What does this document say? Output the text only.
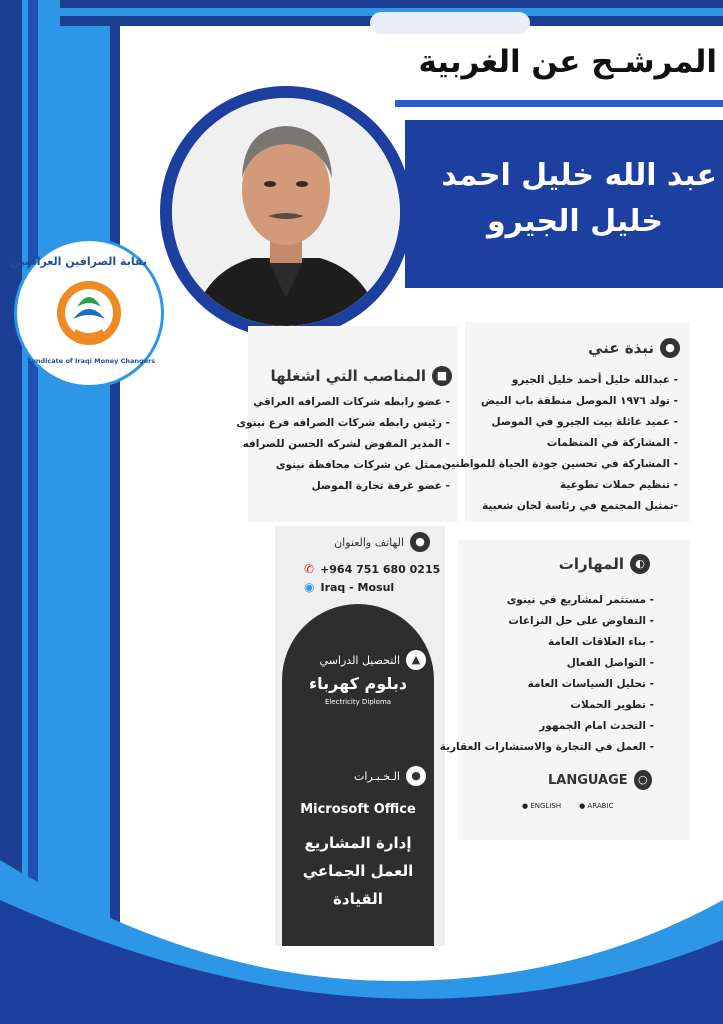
المرشـح عن الغربية
عبد الله خليل احمد
خليل الجيرو
نقابة الصرافين العراقيين
Syndicate of Iraqi Money Changers
●
نبذة عني
- عبدالله خليل أحمد خليل الجيرو
- تولد ١٩٧٦ الموصل منطقة باب البيض
- عميد عائلة بيت الجيرو في الموصل
- المشاركة في المنظمات
- المشاركة في تحسين جودة الحياة للمواطنين
- تنظيم حملات تطوعية
-تمثيل المجتمع في رئاسة لجان شعبية
■
المناصب التي اشغلها
- عضو رابطه شركات الصرافه العراقي
- رئيس رابطه شركات الصرافه فرع نينوى
- المدير المفوض لشركه الحسن للصرافه
- ممثل عن شركات محافظة نينوى
- عضو غرفة تجارة الموصل
●
الهاتف والعنوان
✆ +964 751 680 0215
◉ Iraq - Mosul
▲
التحصيل الدراسي
دبلوم كهرباء
Electricity Diploma
●
الـخـبـرات
Microsoft Office
إدارة المشاريع
العمل الجماعي
القيادة
◐
المهارات
- مستثمر لمشاريع في نينوى
- التفاوض على حل النزاعات
- بناء العلاقات العامة
- التواصل الفعال
- تحليل السياسات العامة
- تطوير الحملات
- التحدث امام الجمهور
- العمل في التجارة والاستشارات العقارية
LANGUAGE ○
● ENGLISH	● ARABIC
